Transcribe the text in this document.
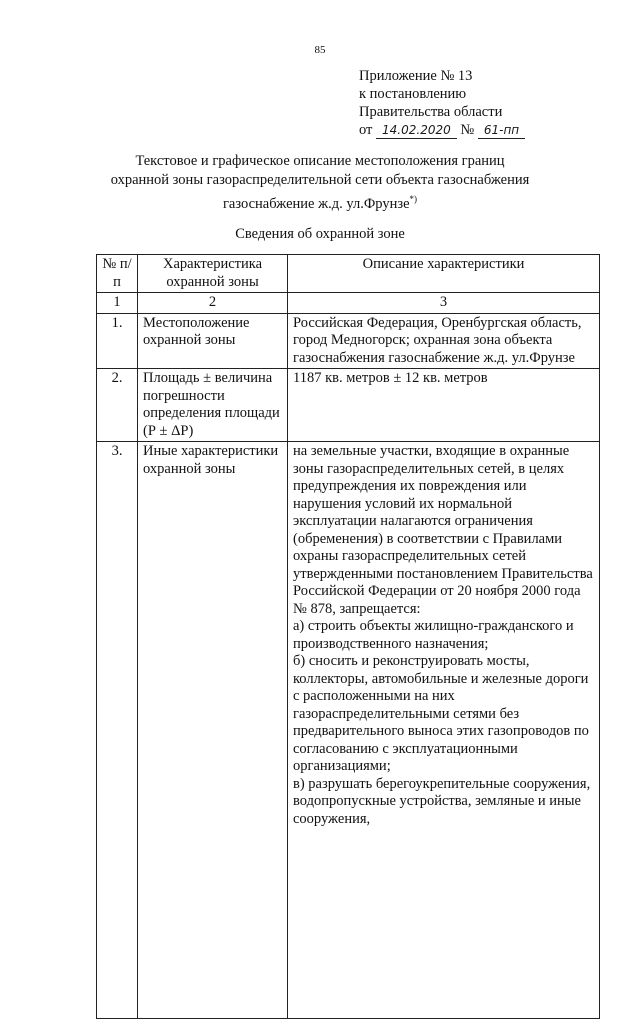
85
Приложение № 13
к постановлению
Правительства области
от 14.02.2020 № 61-пп
Текстовое и графическое описание местоположения границ
охранной зоны газораспределительной сети объекта газоснабжения
газоснабжение ж.д. ул.Фрунзе*)
Сведения об охранной зоне
№ п/п	Характеристика охранной зоны	Описание характеристики
1	2	3
1.	Местоположение охранной зоны	Российская Федерация, Оренбургская область, город Медногорск; охранная зона объекта газоснабжения газоснабжение ж.д. ул.Фрунзе
2.	Площадь ± величина погрешности определения площади (Р ± ΔР)	1187 кв. метров ± 12 кв. метров
3.	Иные характеристики охранной зоны	на земельные участки, входящие в охранные зоны газораспределительных сетей, в целях предупреждения их повреждения или нарушения условий их нормальной эксплуатации налагаются ограничения (обременения) в соответствии с Правилами охраны газораспределительных сетей утвержденными постановлением Правительства Российской Федерации от 20 ноября 2000 года № 878, запрещается:

а) строить объекты жилищно-гражданского и производственного назначения;

б) сносить и реконструировать мосты, коллекторы, автомобильные и железные дороги с расположенными на них газораспределительными сетями без предварительного выноса этих газопроводов по согласованию с эксплуатационными организациями;

в) разрушать берегоукрепительные сооружения, водопропускные устройства, земляные и иные сооружения,
